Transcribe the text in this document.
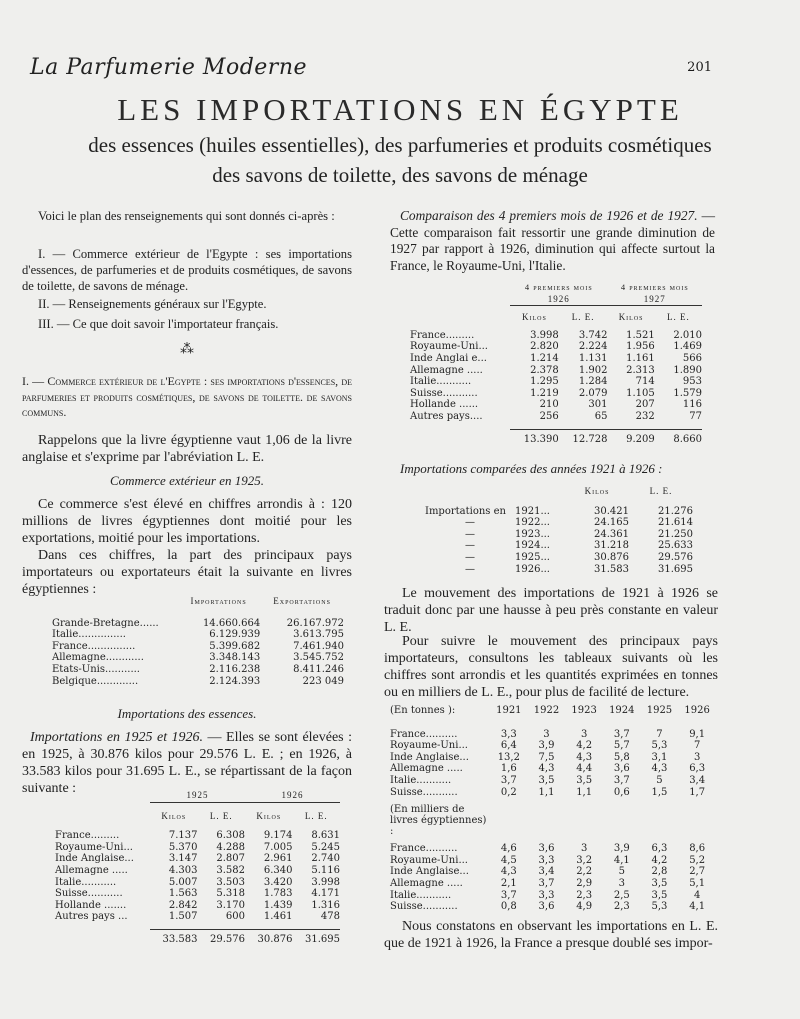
La Parfumerie Moderne	201
LES IMPORTATIONS EN ÉGYPTE
des essences (huiles essentielles), des parfumeries et produits cosmétiques
des savons de toilette, des savons de ménage
Voici le plan des renseignements qui sont donnés ci-après :
I. — Commerce extérieur de l'Egypte : ses importations d'essences, de parfumeries et de produits cosmétiques, de savons de toilette, de savons de ménage.
II. — Renseignements généraux sur l'Egypte.
III. — Ce que doit savoir l'importateur français.
⁂
I. — Commerce extérieur de l'Egypte : ses importations d'essences, de parfumeries et produits cosmétiques, de savons de toilette. de savons communs.
Rappelons que la livre égyptienne vaut 1,06 de la livre anglaise et s'exprime par l'abréviation L. E.
Commerce extérieur en 1925.
Ce commerce s'est élevé en chiffres arrondis à : 120 millions de livres égyptiennes dont moitié pour les exportations, moitié pour les importations.
Dans ces chiffres, la part des principaux pays importateurs ou exportateurs était la suivante en livres égyptiennes :
	Importations	Exportations

Grande-Bretagne......	14.660.664	26.167.972
Italie...............	6.129.939	3.613.795
France...............	5.399.682	7.461.940
Allemagne............	3.348.143	3.545.752
Etats-Unis...........	2.116.238	8.411.246
Belgique.............	2.124.393	223 049
Importations des essences.
Importations en 1925 et 1926. — Elles se sont élevées : en 1925, à 30.876 kilos pour 29.576 L. E. ; en 1926, à 33.583 kilos pour 31.695 L. E., se répartissant de la façon suivante :
		1925		1926	

	Kilos	L. E.	Kilos	L. E.

France.........	7.137	6.308	9.174	8.631
Royaume-Uni...	5.370	4.288	7.005	5.245
Inde Anglaise...	3.147	2.807	2.961	2.740
Allemagne .....	4.303	3.582	6.340	5.116
Italie...........	5.007	3.503	3.420	3.998
Suisse...........	1.563	5.318	1.783	4.171
Hollande .......	2.842	3.170	1.439	1.316
Autres pays ...	1.507	600	1.461	478

	33.583	29.576	30.876	31.695
Comparaison des 4 premiers mois de 1926 et de 1927. — Cette comparaison fait ressortir une grande diminution de 1927 par rapport à 1926, diminution qui affecte surtout la France, le Royaume-Uni, l'Italie.
	4 premiers mois		4 premiers mois	
	1926		1927	

	Kilos	L. E.	Kilos	L. E.

France.........	3.998	3.742	1.521	2.010
Royaume-Uni...	2.820	2.224	1.956	1.469
Inde Anglai e...	1.214	1.131	1.161	566
Allemagne .....	2.378	1.902	2.313	1.890
Italie...........	1.295	1.284	714	953
Suisse...........	1.219	2.079	1.105	1.579
Hollande ......	210	301	207	116
Autres pays....	256	65	232	77

	13.390	12.728	9.209	8.660
Importations comparées des années 1921 à 1926 :
		Kilos	L. E.

Importations en	1921...	30.421	21.276
—	1922...	24.165	21.614
—	1923...	24.361	21.250
—	1924...	31.218	25.633
—	1925...	30.876	29.576
—	1926...	31.583	31.695
Le mouvement des importations de 1921 à 1926 se traduit donc par une hausse à peu près constante en valeur L. E.
Pour suivre le mouvement des principaux pays importateurs, consultons les tableaux suivants où les chiffres sont arrondis et les quantités exprimées en tonnes ou en milliers de L. E., pour plus de facilité de lecture.
(En tonnes ):	1921	1922	1923	1924	1925	1926

France..........	3,3	3	3	3,7	7	9,1
Royaume-Uni...	6,4	3,9	4,2	5,7	5,3	7
Inde Anglaise...	13,2	7,5	4,3	5,8	3,1	3
Allemagne .....	1,6	4,3	4,4	3,6	4,3	6,3
Italie...........	3,7	3,5	3,5	3,7	5	3,4
Suisse...........	0,2	1,1	1,1	0,6	1,5	1,7

(En milliers de livres égyptiennes) :						

France..........	4,6	3,6	3	3,9	6,3	8,6
Royaume-Uni...	4,5	3,3	3,2	4,1	4,2	5,2
Inde Anglaise...	4,3	3,4	2,2	5	2,8	2,7
Allemagne .....	2,1	3,7	2,9	3	3,5	5,1
Italie...........	3,7	3,3	2,3	2,5	3,5	4
Suisse...........	0,8	3,6	4,9	2,3	5,3	4,1
Nous constatons en observant les importations en L. E. que de 1921 à 1926, la France a presque doublé ses impor-
